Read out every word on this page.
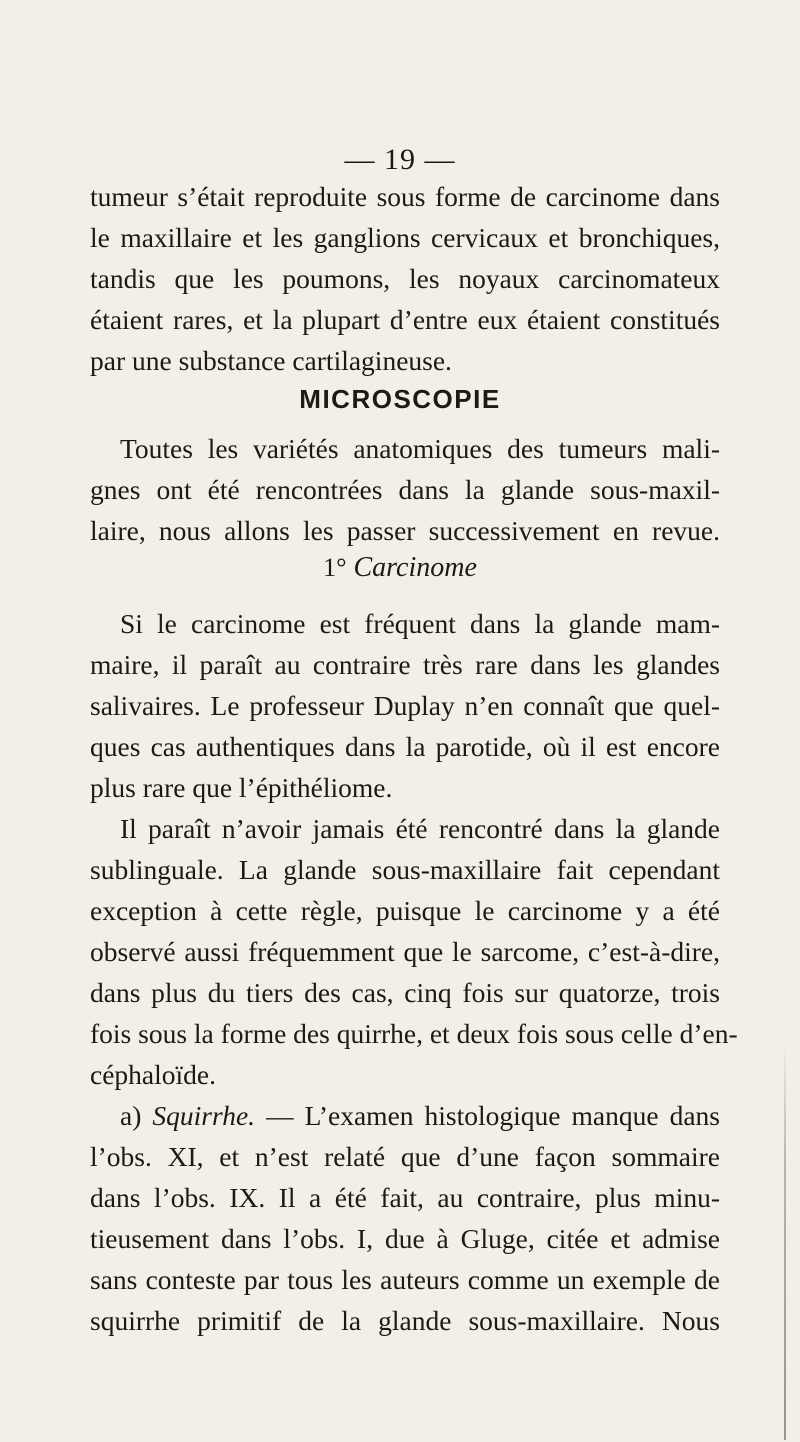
— 19 —
tumeur s’était reproduite sous forme de carcinome dans
le maxillaire et les ganglions cervicaux et bronchiques,
tandis que les poumons, les noyaux carcinomateux
étaient rares, et la plupart d’entre eux étaient constitués
par une substance cartilagineuse.
MICROSCOPIE
Toutes les variétés anatomiques des tumeurs mali-
gnes ont été rencontrées dans la glande sous-maxil-
laire, nous allons les passer successivement en revue.
1° Carcinome
Si le carcinome est fréquent dans la glande mam-
maire, il paraît au contraire très rare dans les glandes
salivaires. Le professeur Duplay n’en connaît que quel-
ques cas authentiques dans la parotide, où il est encore
plus rare que l’épithéliome.
Il paraît n’avoir jamais été rencontré dans la glande
sublinguale. La glande sous-maxillaire fait cependant
exception à cette règle, puisque le carcinome y a été
observé aussi fréquemment que le sarcome, c’est-à-dire,
dans plus du tiers des cas, cinq fois sur quatorze, trois
fois sous la forme des quirrhe, et deux fois sous celle d’en-
céphaloïde.
a) Squirrhe. — L’examen histologique manque dans
l’obs. XI, et n’est relaté que d’une façon sommaire
dans l’obs. IX. Il a été fait, au contraire, plus minu-
tieusement dans l’obs. I, due à Gluge, citée et admise
sans conteste par tous les auteurs comme un exemple de
squirrhe primitif de la glande sous-maxillaire. Nous
